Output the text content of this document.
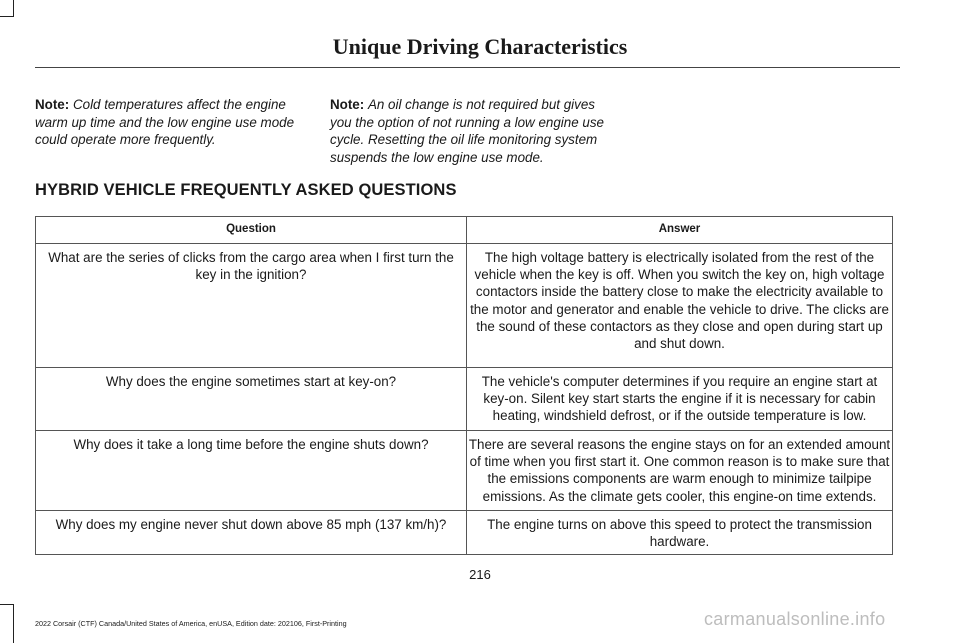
Unique Driving Characteristics
Note: Cold temperatures affect the engine warm up time and the low engine use mode could operate more frequently.
Note: An oil change is not required but gives you the option of not running a low engine use cycle. Resetting the oil life monitoring system suspends the low engine use mode.
HYBRID VEHICLE FREQUENTLY ASKED QUESTIONS
Question	Answer
What are the series of clicks from the cargo area when I first turn the key in the ignition?	The high voltage battery is electrically isolated from the rest of the vehicle when the key is off. When you switch the key on, high voltage contactors inside the battery close to make the electricity available to the motor and generator and enable the vehicle to drive. The clicks are the sound of these contactors as they close and open during start up and shut down.
Why does the engine sometimes start at key-on?	The vehicle's computer determines if you require an engine start at key-on. Silent key start starts the engine if it is necessary for cabin heating, windshield defrost, or if the outside temperature is low.
Why does it take a long time before the engine shuts down?	There are several reasons the engine stays on for an extended amount of time when you first start it. One common reason is to make sure that the emissions components are warm enough to minimize tailpipe emissions. As the climate gets cooler, this engine-on time extends.
Why does my engine never shut down above 85 mph (137 km/h)?	The engine turns on above this speed to protect the transmission hardware.
216
2022 Corsair (CTF) Canada/United States of America, enUSA, Edition date: 202106, First-Printing	carmanualsonline.info
